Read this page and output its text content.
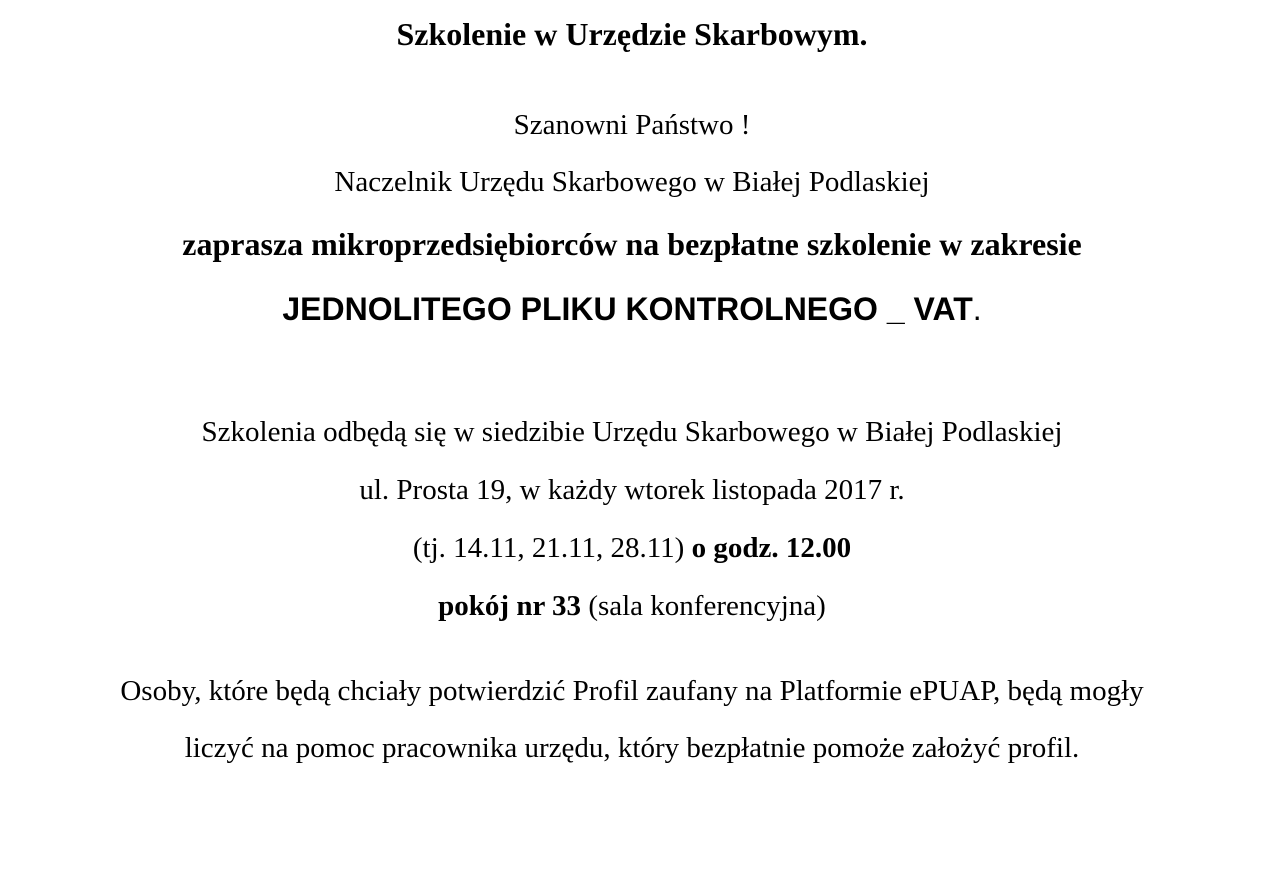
Szkolenie w Urzędzie Skarbowym.
Szanowni Państwo !
Naczelnik Urzędu Skarbowego w Białej Podlaskiej
zaprasza mikroprzedsiębiorców na bezpłatne szkolenie w zakresie
JEDNOLITEGO PLIKU KONTROLNEGO _ VAT.
Szkolenia odbędą się w siedzibie Urzędu Skarbowego w Białej Podlaskiej
ul. Prosta 19, w każdy wtorek listopada 2017 r.
(tj. 14.11, 21.11, 28.11) o godz. 12.00
pokój nr 33 (sala konferencyjna)
Osoby, które będą chciały potwierdzić Profil zaufany na Platformie ePUAP, będą mogły
liczyć na pomoc pracownika urzędu, który bezpłatnie pomoże założyć profil.
